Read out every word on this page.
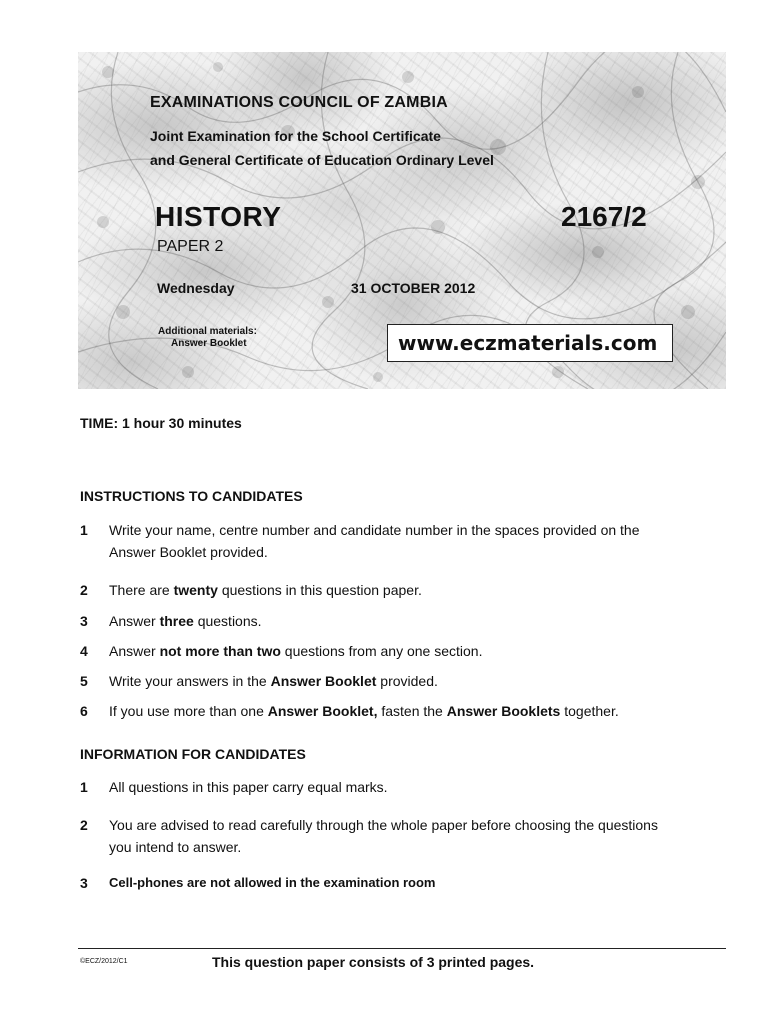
EXAMINATIONS COUNCIL OF ZAMBIA
Joint Examination for the School Certificate
and General Certificate of Education Ordinary Level
HISTORY	2167/2
PAPER 2
Wednesday	31 OCTOBER 2012
Additional materials:
Answer Booklet	www.eczmaterials.com
TIME: 1 hour 30 minutes
INSTRUCTIONS TO CANDIDATES
1 Write your name, centre number and candidate number in the spaces provided on the
Answer Booklet provided.
2 There are twenty questions in this question paper.
3 Answer three questions.
4 Answer not more than two questions from any one section.
5 Write your answers in the Answer Booklet provided.
6 If you use more than one Answer Booklet, fasten the Answer Booklets together.
INFORMATION FOR CANDIDATES
1 All questions in this paper carry equal marks.
2 You are advised to read carefully through the whole paper before choosing the questions
you intend to answer.
3 Cell-phones are not allowed in the examination room
©ECZ/2012/C1	This question paper consists of 3 printed pages.
